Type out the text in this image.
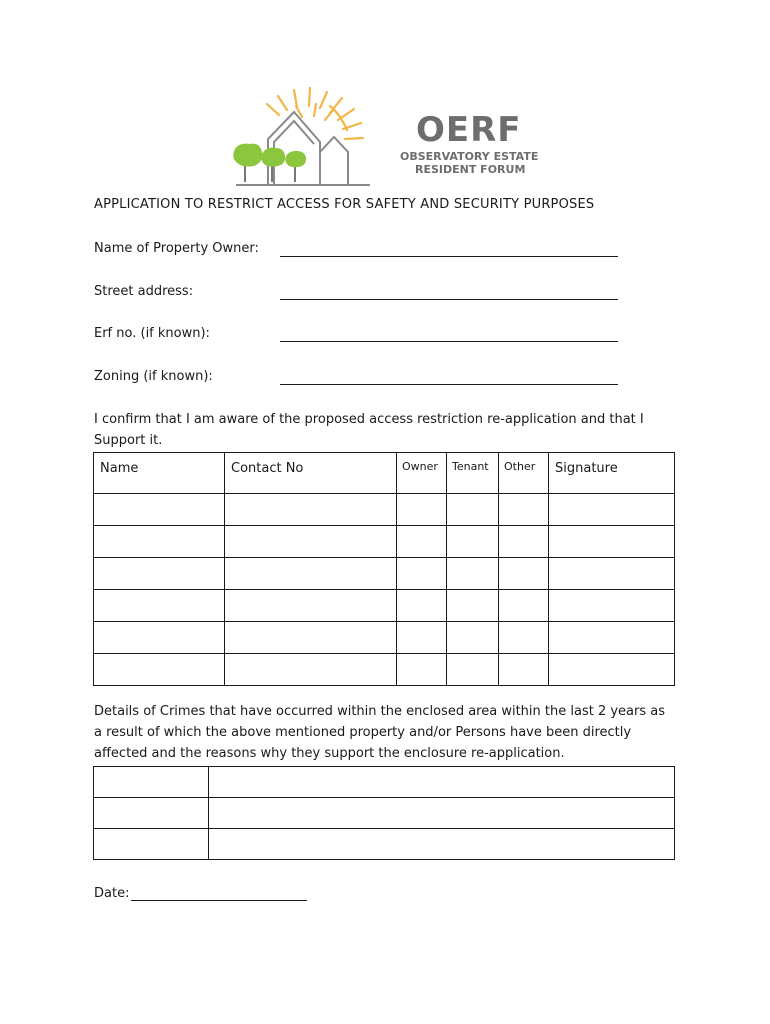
OERF
OBSERVATORY ESTATE
RESIDENT FORUM
APPLICATION TO RESTRICT ACCESS FOR SAFETY AND SECURITY PURPOSES
Name of Property Owner:
Street address:
Erf no. (if known):
Zoning (if known):
I confirm that I am aware of the proposed access restriction re-application and that I Support it.
Name	Contact No	Owner	Tenant	Other	Signature

Details of Crimes that have occurred within the enclosed area within the last 2 years as a result of which the above mentioned property and/or Persons have been directly affected and the reasons why they support the enclosure re-application.

Date:
